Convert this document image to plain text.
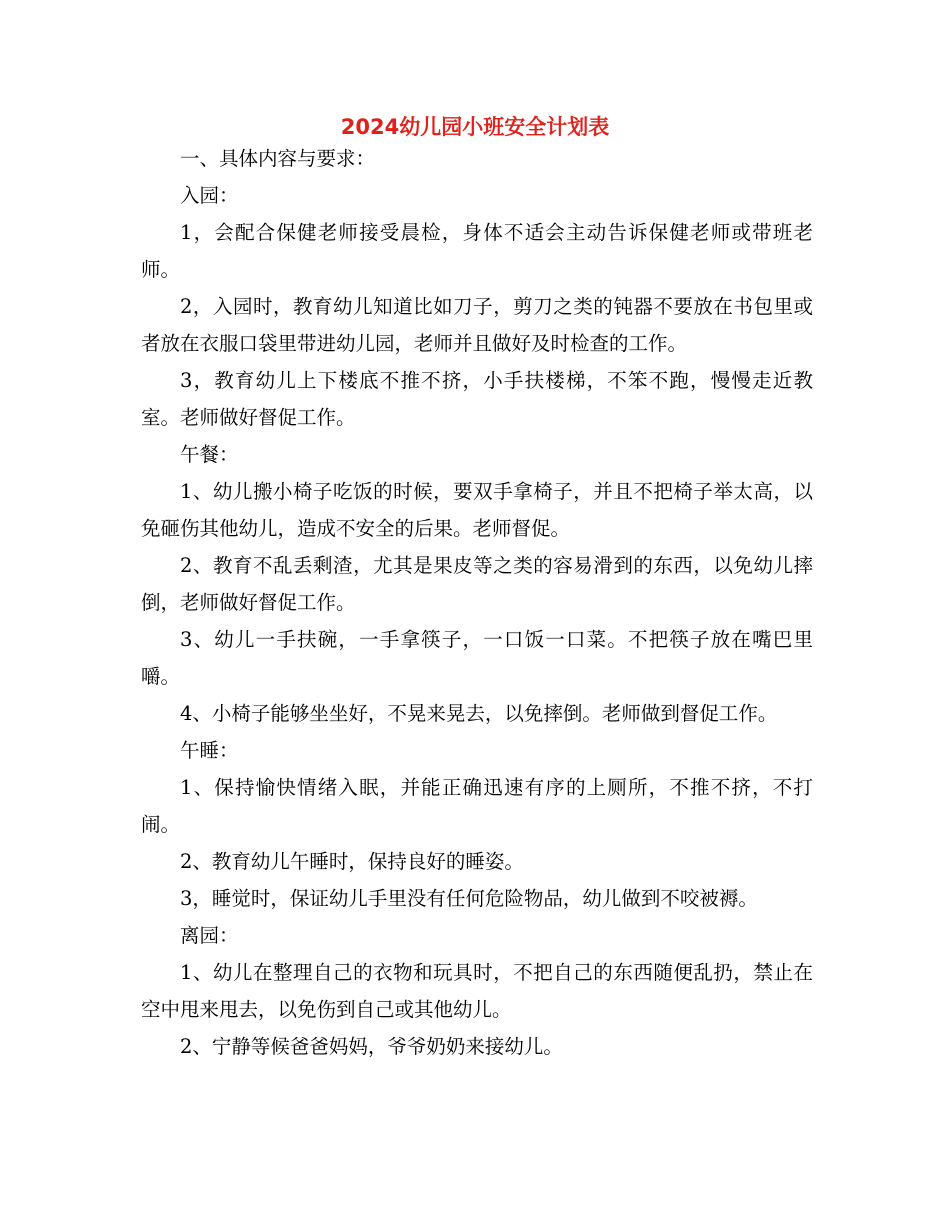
2024幼儿园小班安全计划表

一、具体内容与要求：

入园：

1，会配合保健老师接受晨检，身体不适会主动告诉保健老师或带班老师。

2，入园时，教育幼儿知道比如刀子，剪刀之类的钝器不要放在书包里或者放在衣服口袋里带进幼儿园，老师并且做好及时检查的工作。

3，教育幼儿上下楼底不推不挤，小手扶楼梯，不笨不跑，慢慢走近教室。老师做好督促工作。

午餐：

1、幼儿搬小椅子吃饭的时候，要双手拿椅子，并且不把椅子举太高，以免砸伤其他幼儿，造成不安全的后果。老师督促。

2、教育不乱丢剩渣，尤其是果皮等之类的容易滑到的东西，以免幼儿摔倒，老师做好督促工作。

3、幼儿一手扶碗，一手拿筷子，一口饭一口菜。不把筷子放在嘴巴里嚼。

4、小椅子能够坐坐好，不晃来晃去，以免摔倒。老师做到督促工作。

午睡：

1、保持愉快情绪入眠，并能正确迅速有序的上厕所，不推不挤，不打闹。

2、教育幼儿午睡时，保持良好的睡姿。

3，睡觉时，保证幼儿手里没有任何危险物品，幼儿做到不咬被褥。

离园：

1、幼儿在整理自己的衣物和玩具时，不把自己的东西随便乱扔，禁止在空中甩来甩去，以免伤到自己或其他幼儿。

2、宁静等候爸爸妈妈，爷爷奶奶来接幼儿。
